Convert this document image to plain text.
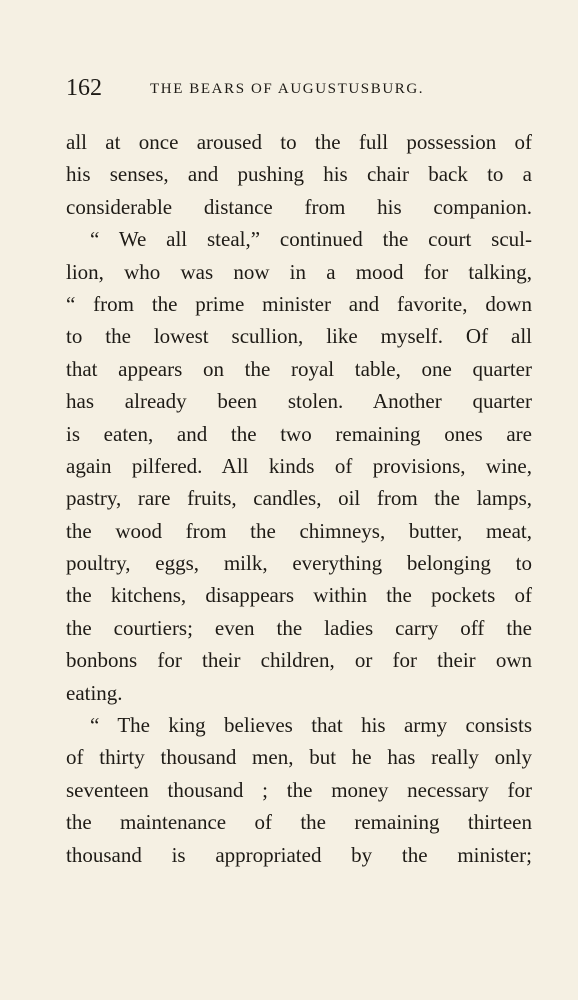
162	THE BEARS OF AUGUSTUSBURG.
all at once aroused to the full possession of
his senses, and pushing his chair back to a
considerable distance from his companion.
“ We all steal,” continued the court scul-
lion, who was now in a mood for talking,
“ from the prime minister and favorite, down
to the lowest scullion, like myself. Of all
that appears on the royal table, one quarter
has already been stolen. Another quarter
is eaten, and the two remaining ones are
again pilfered. All kinds of provisions, wine,
pastry, rare fruits, candles, oil from the lamps,
the wood from the chimneys, butter, meat,
poultry, eggs, milk, everything belonging to
the kitchens, disappears within the pockets of
the courtiers; even the ladies carry off the
bonbons for their children, or for their own
eating.
“ The king believes that his army consists
of thirty thousand men, but he has really only
seventeen thousand ; the money necessary for
the maintenance of the remaining thirteen
thousand is appropriated by the minister;
